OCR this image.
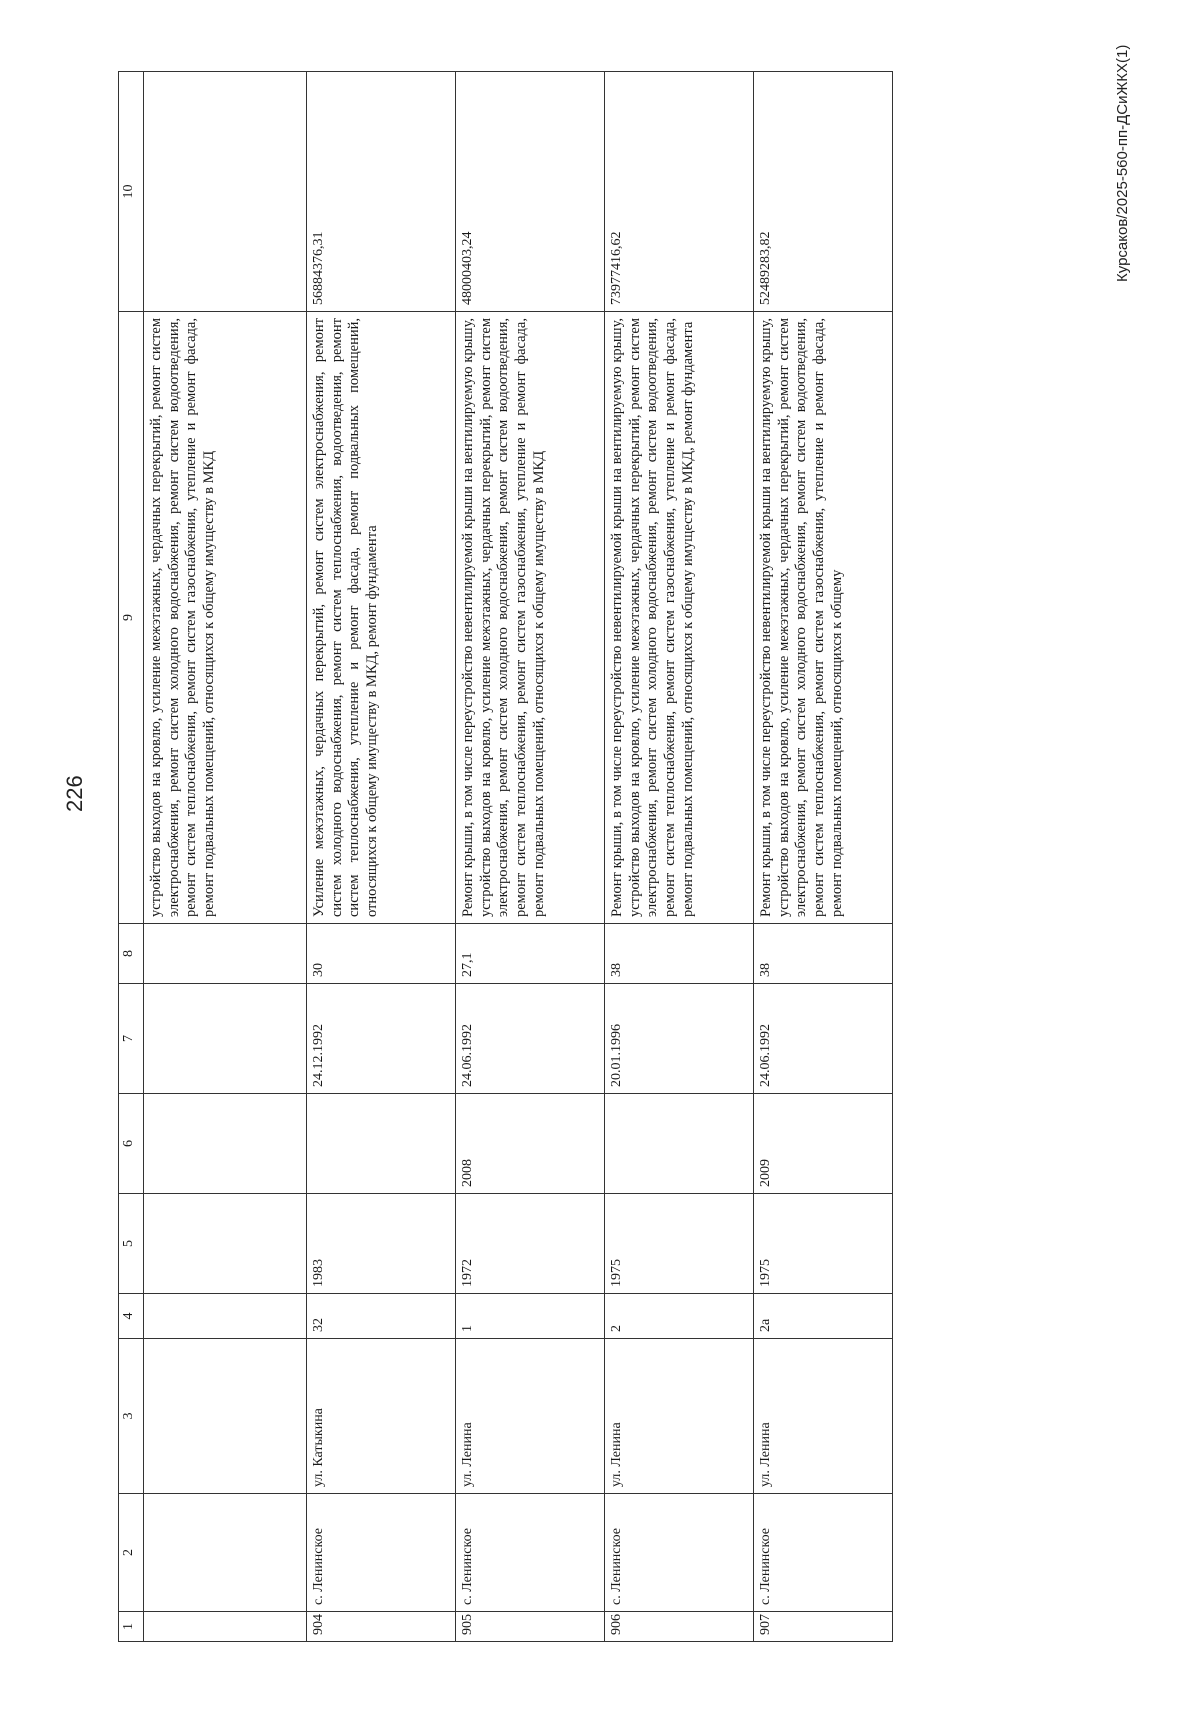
226
Курсаков/2025-560-пп-ДСиЖКХ(1)
1	2	3	4	5	6	7	8	9	10
								устройство выходов на кровлю, усиление межэтажных, чердачных перекрытий, ремонт систем электроснабжения, ремонт систем холодного водоснабжения, ремонт систем водоотведения, ремонт систем теплоснабжения, ремонт систем газоснабжения, утепление и ремонт фасада, ремонт подвальных помещений, относящихся к общему имуществу в МКД	
904	с. Ленинское	ул. Катыкина	32	1983		24.12.1992	30	Усиление межэтажных, чердачных перекрытий, ремонт систем электроснабжения, ремонт систем холодного водоснабжения, ремонт систем теплоснабжения, водоотведения, ремонт систем теплоснабжения, утепление и ремонт фасада, ремонт подвальных помещений, относящихся к общему имуществу в МКД, ремонт фундамента	56884376,31
905	с. Ленинское	ул. Ленина	1	1972	2008	24.06.1992	27,1	Ремонт крыши, в том числе переустройство невентилируемой крыши на вентилируемую крышу, устройство выходов на кровлю, усиление межэтажных, чердачных перекрытий, ремонт систем электроснабжения, ремонт систем холодного водоснабжения, ремонт систем водоотведения, ремонт систем теплоснабжения, ремонт систем газоснабжения, утепление и ремонт фасада, ремонт подвальных помещений, относящихся к общему имуществу в МКД	48000403,24
906	с. Ленинское	ул. Ленина	2	1975		20.01.1996	38	Ремонт крыши, в том числе переустройство невентилируемой крыши на вентилируемую крышу, устройство выходов на кровлю, усиление межэтажных, чердачных перекрытий, ремонт систем электроснабжения, ремонт систем холодного водоснабжения, ремонт систем водоотведения, ремонт систем теплоснабжения, ремонт систем газоснабжения, утепление и ремонт фасада, ремонт подвальных помещений, относящихся к общему имуществу в МКД, ремонт фундамента	73977416,62
907	с. Ленинское	ул. Ленина	2а	1975	2009	24.06.1992	38	Ремонт крыши, в том числе переустройство невентилируемой крыши на вентилируемую крышу, устройство выходов на кровлю, усиление межэтажных, чердачных перекрытий, ремонт систем электроснабжения, ремонт систем холодного водоснабжения, ремонт систем водоотведения, ремонт систем теплоснабжения, ремонт систем газоснабжения, утепление и ремонт фасада, ремонт подвальных помещений, относящихся к общему	52489283,82
